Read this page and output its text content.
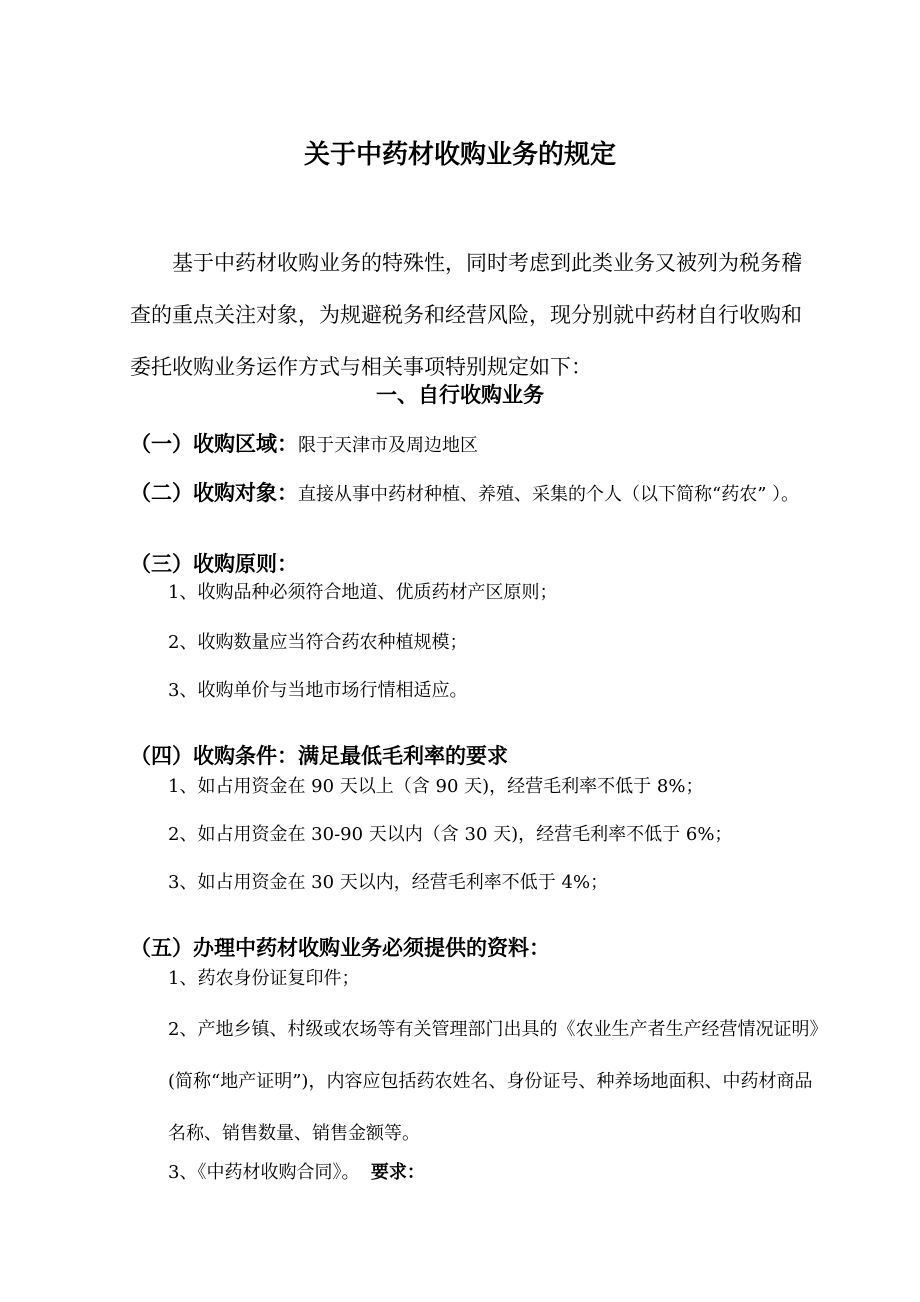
关于中药材收购业务的规定

基于中药材收购业务的特殊性，同时考虑到此类业务又被列为税务稽查的重点关注对象，为规避税务和经营风险，现分别就中药材自行收购和委托收购业务运作方式与相关事项特别规定如下：

一、自行收购业务

（一）收购区域：限于天津市及周边地区

（二）收购对象：直接从事中药材种植、养殖、采集的个人（以下简称“药农” ）。

（三）收购原则：

1、收购品种必须符合地道、优质药材产区原则；
2、收购数量应当符合药农种植规模；
3、收购单价与当地市场行情相适应。

（四）收购条件：满足最低毛利率的要求

1、如占用资金在 90 天以上（含 90 天)，经营毛利率不低于 8%；
2、如占用资金在 30-90 天以内（含 30 天)，经营毛利率不低于 6%；
3、如占用资金在 30 天以内，经营毛利率不低于 4%；

（五）办理中药材收购业务必须提供的资料：

1、药农身份证复印件；
2、产地乡镇、村级或农场等有关管理部门出具的《农业生产者生产经营情况证明》(简称“地产证明”)，内容应包括药农姓名、身份证号、种养场地面积、中药材商品名称、销售数量、销售金额等。
3、《中药材收购合同》。 要求：
